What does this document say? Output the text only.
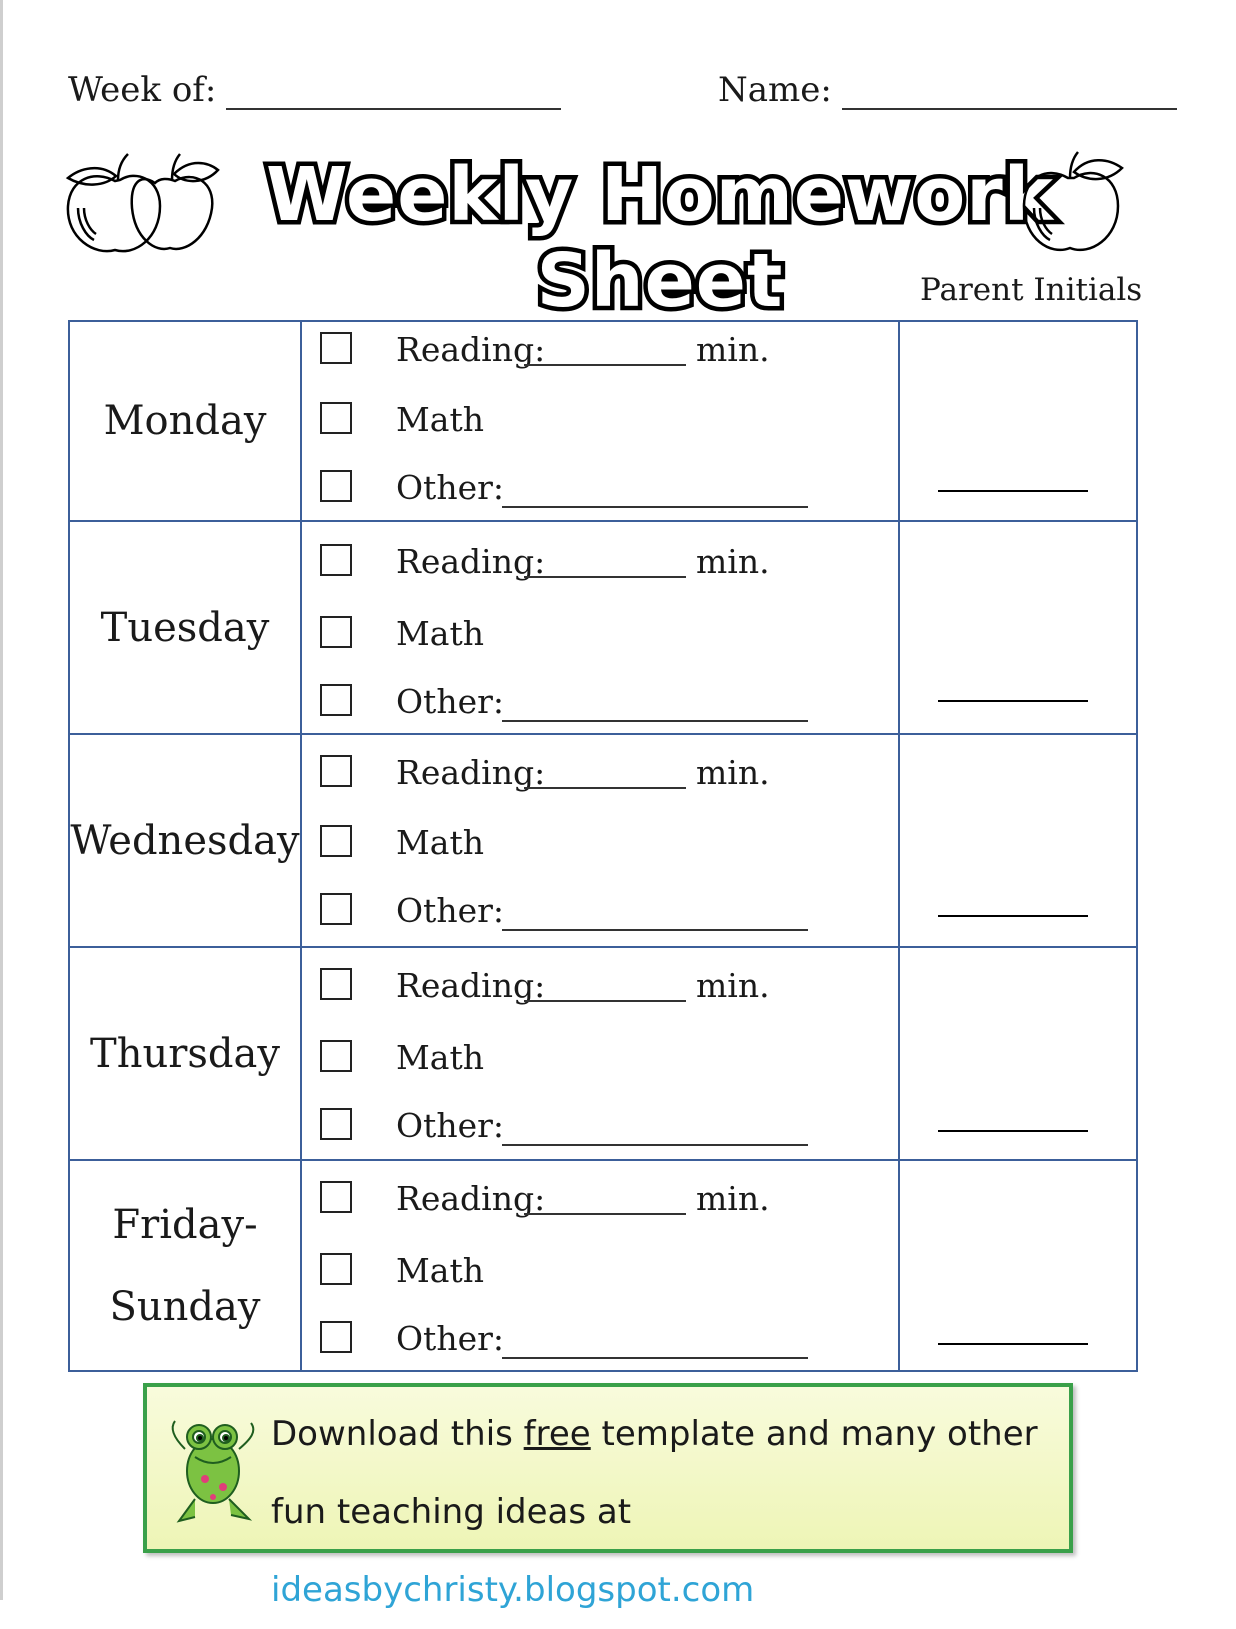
Week of:	Name:
Weekly Homework Sheet	Parent Initials
Monday
Reading:	min.
Math
Other:
Tuesday
Reading:	min.
Math
Other:
Wednesday
Reading:	min.
Math
Other:
Thursday
Reading:	min.
Math
Other:
Friday-
Sunday
Reading:	min.
Math
Other:
Download this free template and many other fun teaching ideas at ideasbychristy.blogspot.com
